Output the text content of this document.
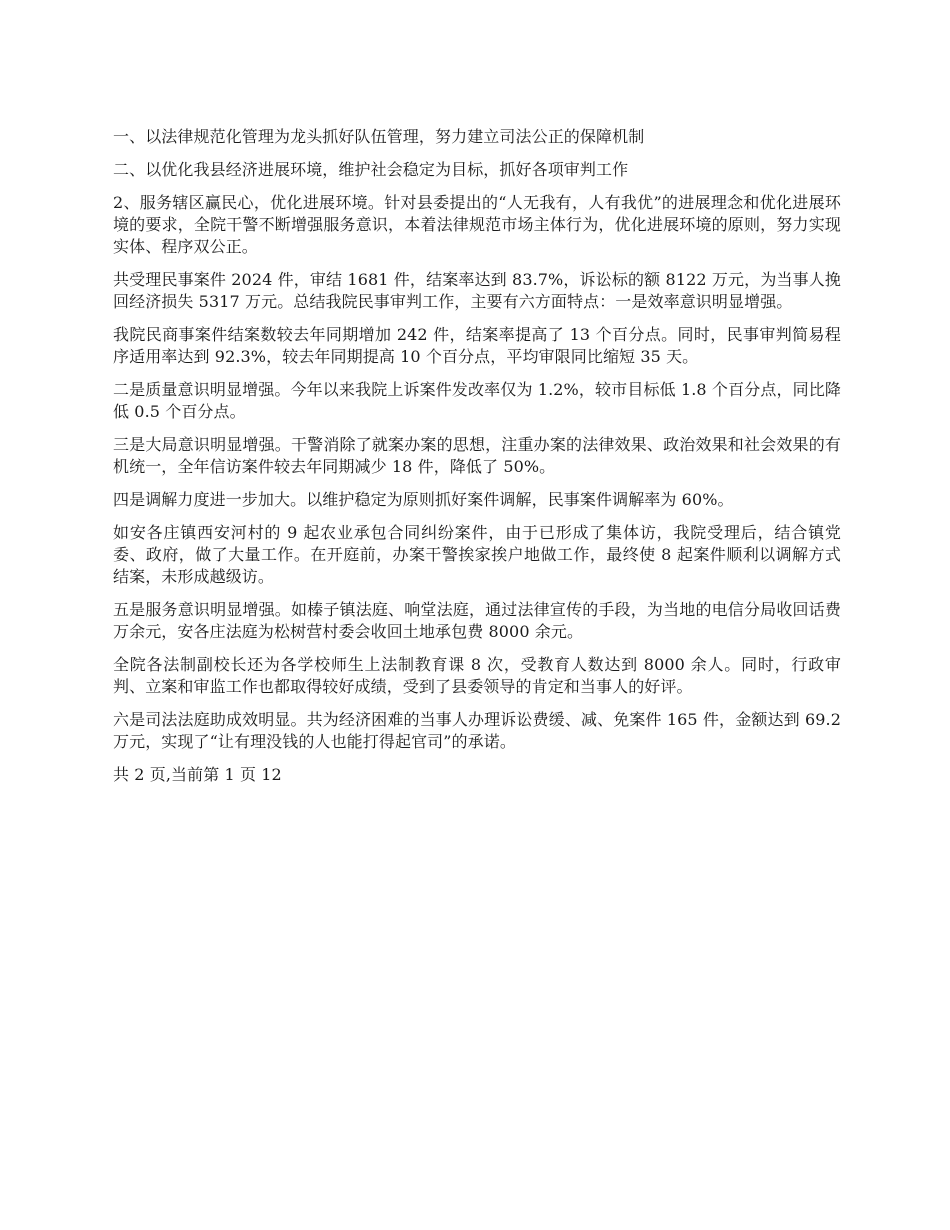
一、以法律规范化管理为龙头抓好队伍管理，努力建立司法公正的保障机制

二、以优化我县经济进展环境，维护社会稳定为目标，抓好各项审判工作

2、服务辖区赢民心，优化进展环境。针对县委提出的“人无我有，人有我优”的进展理念和优化进展环境的要求，全院干警不断增强服务意识，本着法律规范市场主体行为，优化进展环境的原则，努力实现实体、程序双公正。

共受理民事案件 2024 件，审结 1681 件，结案率达到 83.7%，诉讼标的额 8122 万元，为当事人挽回经济损失 5317 万元。总结我院民事审判工作，主要有六方面特点：一是效率意识明显增强。

我院民商事案件结案数较去年同期增加 242 件，结案率提高了 13 个百分点。同时，民事审判简易程序适用率达到 92.3%，较去年同期提高 10 个百分点，平均审限同比缩短 35 天。

二是质量意识明显增强。今年以来我院上诉案件发改率仅为 1.2%，较市目标低 1.8 个百分点，同比降低 0.5 个百分点。

三是大局意识明显增强。干警消除了就案办案的思想，注重办案的法律效果、政治效果和社会效果的有机统一，全年信访案件较去年同期减少 18 件，降低了 50%。

四是调解力度进一步加大。以维护稳定为原则抓好案件调解，民事案件调解率为 60%。

如安各庄镇西安河村的 9 起农业承包合同纠纷案件，由于已形成了集体访，我院受理后，结合镇党委、政府，做了大量工作。在开庭前，办案干警挨家挨户地做工作，最终使 8 起案件顺利以调解方式结案，未形成越级访。

五是服务意识明显增强。如榛子镇法庭、响堂法庭，通过法律宣传的手段，为当地的电信分局收回话费万余元，安各庄法庭为松树营村委会收回土地承包费 8000 余元。

全院各法制副校长还为各学校师生上法制教育课 8 次，受教育人数达到 8000 余人。同时，行政审判、立案和审监工作也都取得较好成绩，受到了县委领导的肯定和当事人的好评。

六是司法法庭助成效明显。共为经济困难的当事人办理诉讼费缓、减、免案件 165 件，金额达到 69.2 万元，实现了“让有理没钱的人也能打得起官司”的承诺。

共 2 页,当前第 1 页 12
